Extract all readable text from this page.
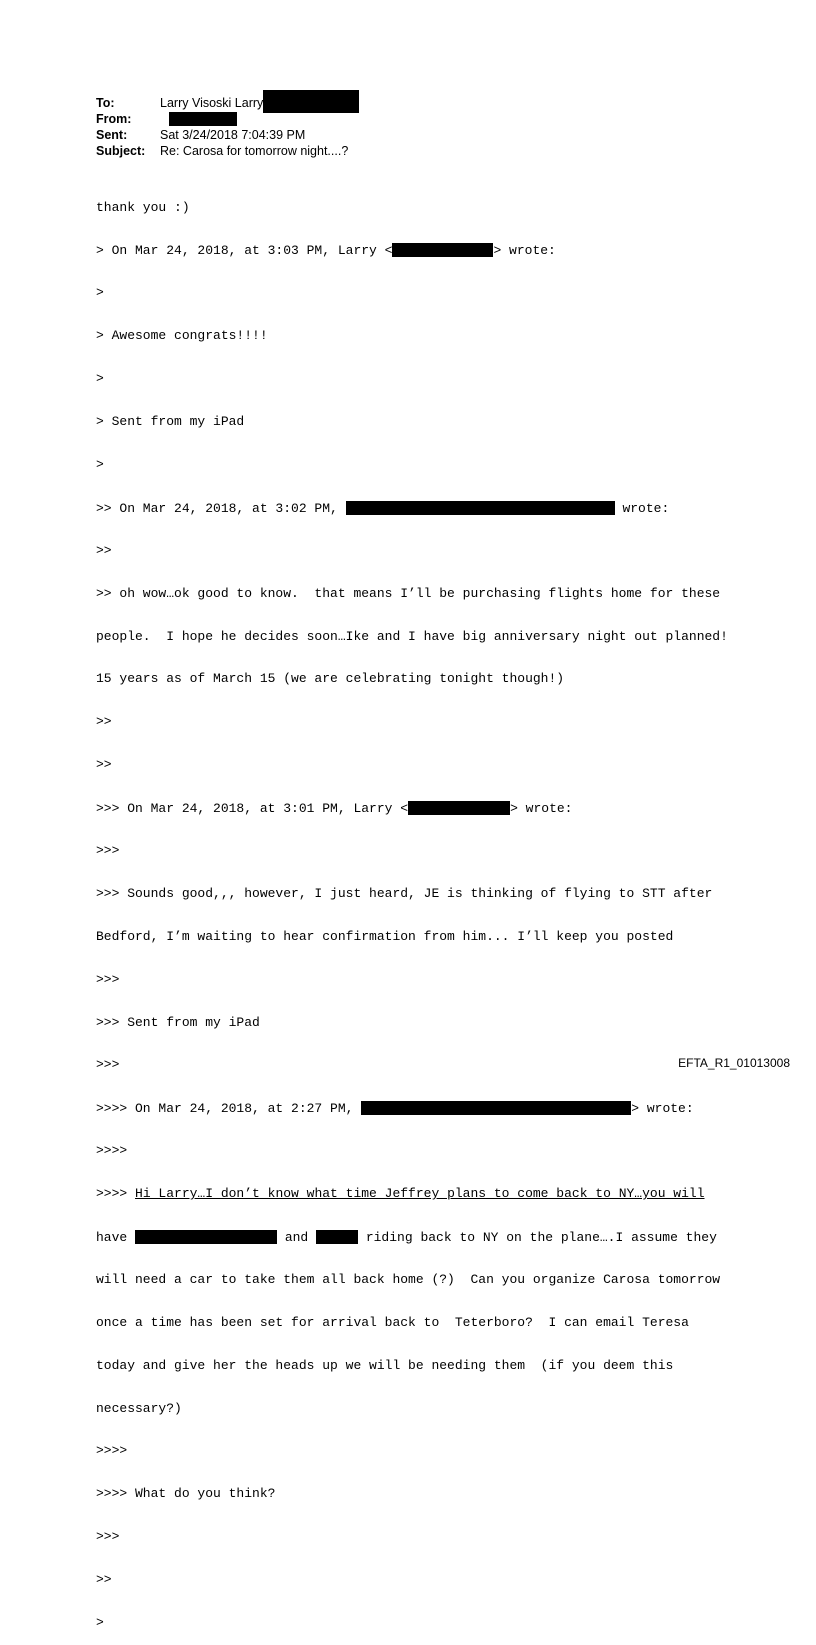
To:	Larry Visoski Larry
From:
Sent:	Sat 3/24/2018 7:04:39 PM
Subject: Re: Carosa for tomorrow night....?

thank you :)

> On Mar 24, 2018, at 3:03 PM, Larry <	> wrote:

>

> Awesome congrats!!!!

>

> Sent from my iPad

>

>> On Mar 24, 2018, at 3:02 PM,	wrote:

>>

>> oh wow…ok good to know.  that means I’ll be purchasing flights home for these

people.  I hope he decides soon…Ike and I have big anniversary night out planned!

15 years as of March 15 (we are celebrating tonight though!)

>>

>>

>>> On Mar 24, 2018, at 3:01 PM, Larry <	> wrote:

>>>

>>> Sounds good,,, however, I just heard, JE is thinking of flying to STT after

Bedford, I’m waiting to hear confirmation from him... I’ll keep you posted

>>>

>>> Sent from my iPad

>>>

>>>> On Mar 24, 2018, at 2:27 PM,	> wrote:

>>>>

>>>> Hi Larry…I don’t know what time Jeffrey plans to come back to NY…you will

have	and	riding back to NY on the plane….I assume they

will need a car to take them all back home (?)  Can you organize Carosa tomorrow

once a time has been set for arrival back to  Teterboro?  I can email Teresa

today and give her the heads up we will be needing them  (if you deem this

necessary?)

>>>>

>>>> What do you think?

>>>

>>

>

EFTA_R1_01013008
